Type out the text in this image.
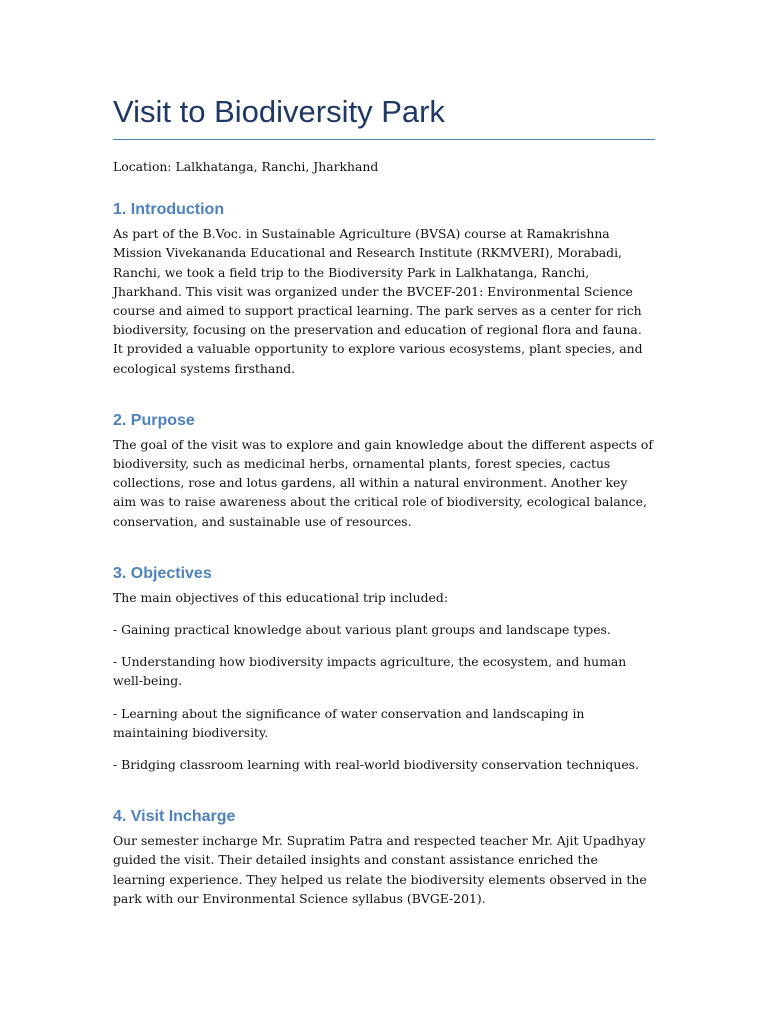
Visit to Biodiversity Park

Location: Lalkhatanga, Ranchi, Jharkhand

1. Introduction

As part of the B.Voc. in Sustainable Agriculture (BVSA) course at Ramakrishna Mission Vivekananda Educational and Research Institute (RKMVERI), Morabadi, Ranchi, we took a field trip to the Biodiversity Park in Lalkhatanga, Ranchi, Jharkhand. This visit was organized under the BVCEF-201: Environmental Science course and aimed to support practical learning. The park serves as a center for rich biodiversity, focusing on the preservation and education of regional flora and fauna. It provided a valuable opportunity to explore various ecosystems, plant species, and ecological systems firsthand.

2. Purpose

The goal of the visit was to explore and gain knowledge about the different aspects of biodiversity, such as medicinal herbs, ornamental plants, forest species, cactus collections, rose and lotus gardens, all within a natural environment. Another key aim was to raise awareness about the critical role of biodiversity, ecological balance, conservation, and sustainable use of resources.

3. Objectives

The main objectives of this educational trip included:

- Gaining practical knowledge about various plant groups and landscape types.

- Understanding how biodiversity impacts agriculture, the ecosystem, and human well-being.

- Learning about the significance of water conservation and landscaping in maintaining biodiversity.

- Bridging classroom learning with real-world biodiversity conservation techniques.

4. Visit Incharge

Our semester incharge Mr. Supratim Patra and respected teacher Mr. Ajit Upadhyay guided the visit. Their detailed insights and constant assistance enriched the learning experience. They helped us relate the biodiversity elements observed in the park with our Environmental Science syllabus (BVGE-201).
